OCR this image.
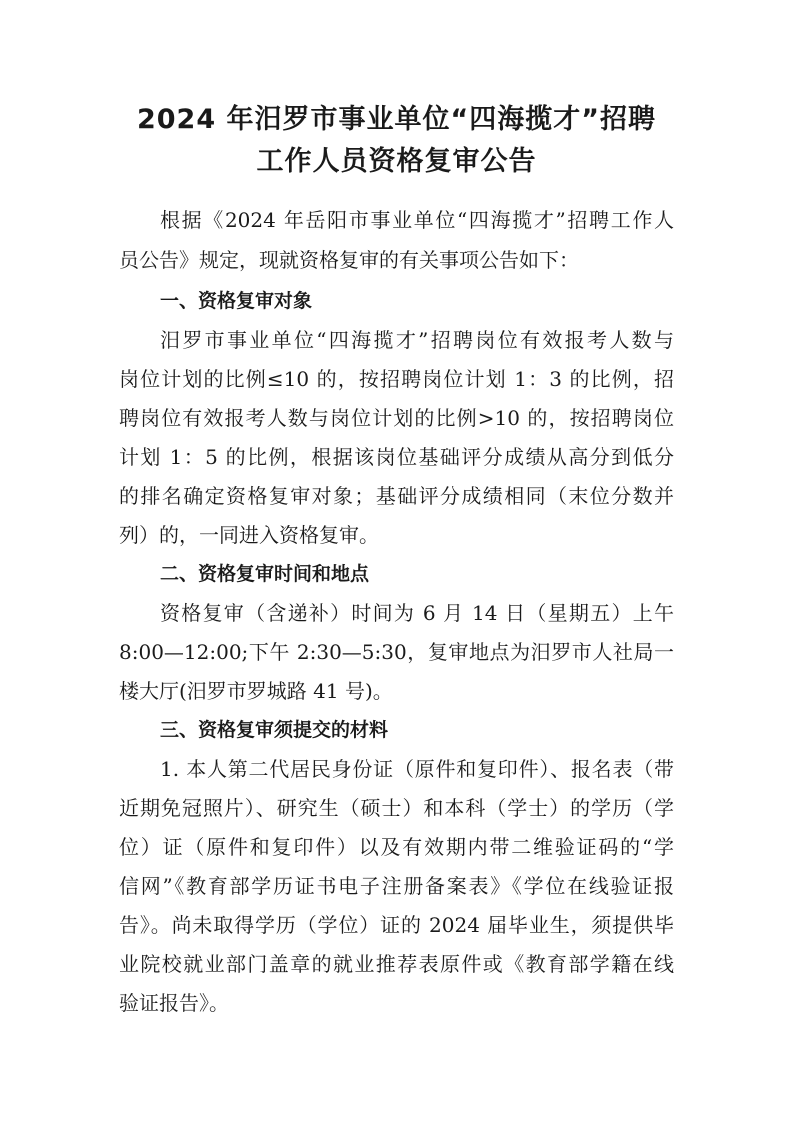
2024 年汨罗市事业单位“四海揽才”招聘
工作人员资格复审公告
根据《2024 年岳阳市事业单位“四海揽才”招聘工作人
员公告》规定，现就资格复审的有关事项公告如下：
一、资格复审对象
汨罗市事业单位“四海揽才”招聘岗位有效报考人数与
岗位计划的比例≤10 的，按招聘岗位计划 1：3 的比例，招
聘岗位有效报考人数与岗位计划的比例>10 的，按招聘岗位
计划 1：5 的比例，根据该岗位基础评分成绩从高分到低分
的排名确定资格复审对象；基础评分成绩相同（末位分数并
列）的，一同进入资格复审。
二、资格复审时间和地点
资格复审（含递补）时间为 6 月 14 日（星期五）上午
8:00—12:00;下午 2:30—5:30，复审地点为汨罗市人社局一
楼大厅(汨罗市罗城路 41 号)。
三、资格复审须提交的材料
1. 本人第二代居民身份证（原件和复印件）、报名表（带
近期免冠照片）、研究生（硕士）和本科（学士）的学历（学
位）证（原件和复印件）以及有效期内带二维验证码的“学
信网”《教育部学历证书电子注册备案表》《学位在线验证报
告》。尚未取得学历（学位）证的 2024 届毕业生，须提供毕
业院校就业部门盖章的就业推荐表原件或《教育部学籍在线
验证报告》。
